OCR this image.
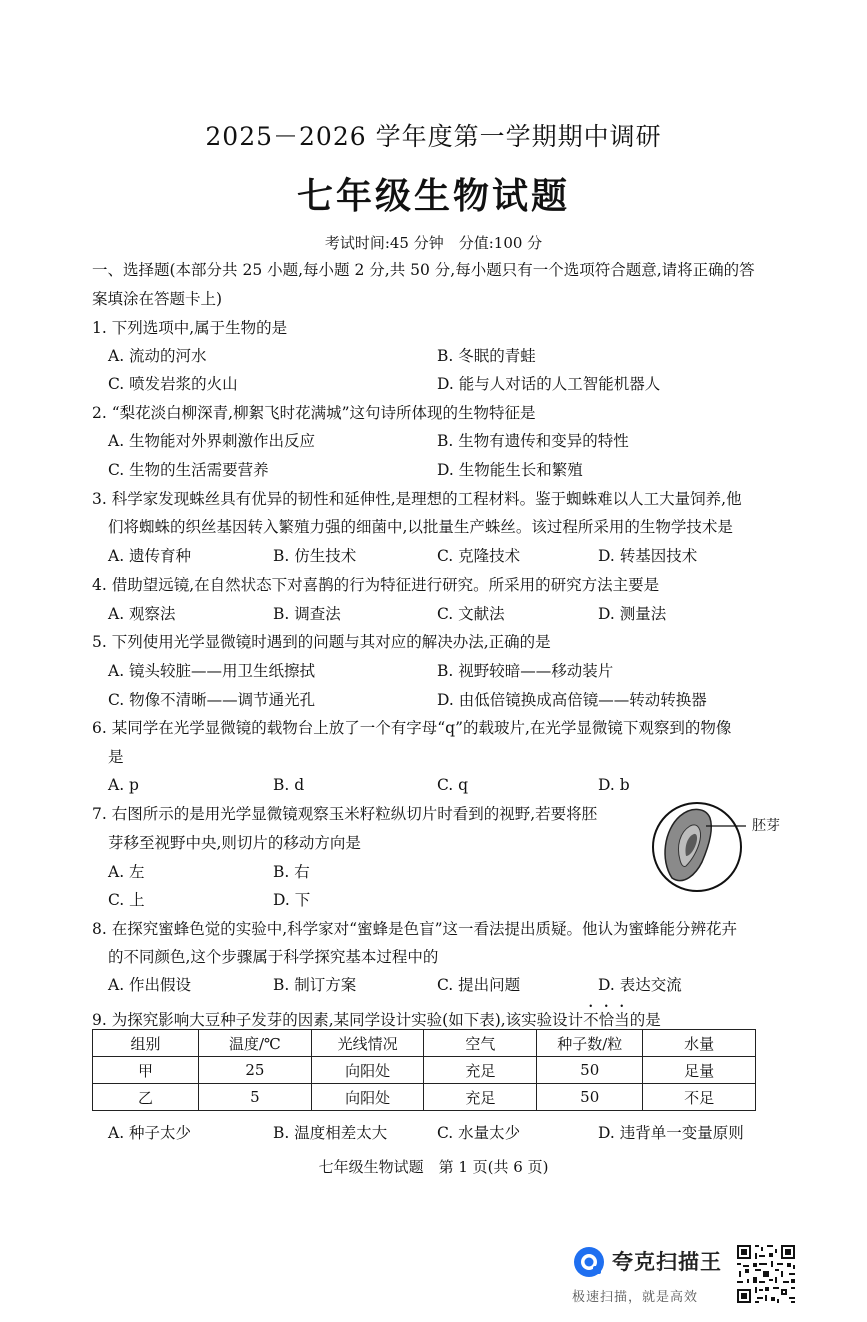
2025－2026 学年度第一学期期中调研
七年级生物试题
考试时间:45 分钟　分值:100 分
一、选择题(本部分共 25 小题,每小题 2 分,共 50 分,每小题只有一个选项符合题意,请将正确的答
案填涂在答题卡上)
1. 下列选项中,属于生物的是
A. 流动的河水	B. 冬眠的青蛙
C. 喷发岩浆的火山	D. 能与人对话的人工智能机器人
2. “梨花淡白柳深青,柳絮飞时花满城”这句诗所体现的生物特征是
A. 生物能对外界刺激作出反应	B. 生物有遗传和变异的特性
C. 生物的生活需要营养	D. 生物能生长和繁殖
3. 科学家发现蛛丝具有优异的韧性和延伸性,是理想的工程材料。鉴于蜘蛛难以人工大量饲养,他
们将蜘蛛的织丝基因转入繁殖力强的细菌中,以批量生产蛛丝。该过程所采用的生物学技术是
A. 遗传育种	B. 仿生技术	C. 克隆技术	D. 转基因技术
4. 借助望远镜,在自然状态下对喜鹊的行为特征进行研究。所采用的研究方法主要是
A. 观察法	B. 调查法	C. 文献法	D. 测量法
5. 下列使用光学显微镜时遇到的问题与其对应的解决办法,正确的是
A. 镜头较脏——用卫生纸擦拭	B. 视野较暗——移动装片
C. 物像不清晰——调节通光孔	D. 由低倍镜换成高倍镜——转动转换器
6. 某同学在光学显微镜的载物台上放了一个有字母“q”的载玻片,在光学显微镜下观察到的物像
是
A. p	B. d	C. q	D. b
7. 右图所示的是用光学显微镜观察玉米籽粒纵切片时看到的视野,若要将胚
芽移至视野中央,则切片的移动方向是
A. 左	B. 右
C. 上	D. 下
胚芽
8. 在探究蜜蜂色觉的实验中,科学家对“蜜蜂是色盲”这一看法提出质疑。他认为蜜蜂能分辨花卉
的不同颜色,这个步骤属于科学探究基本过程中的
A. 作出假设	B. 制订方案	C. 提出问题	D. 表达交流
9. 为探究影响大豆种子发芽的因素,某同学设计实验(如下表),该实验设计不恰当的是
组别	温度/℃	光线情况	空气	种子数/粒	水量
甲	25	向阳处	充足	50	足量
乙	5	向阳处	充足	50	不足
A. 种子太少	B. 温度相差太大	C. 水量太少	D. 违背单一变量原则
七年级生物试题　第 1 页(共 6 页)
夸克扫描王
极速扫描，就是高效
